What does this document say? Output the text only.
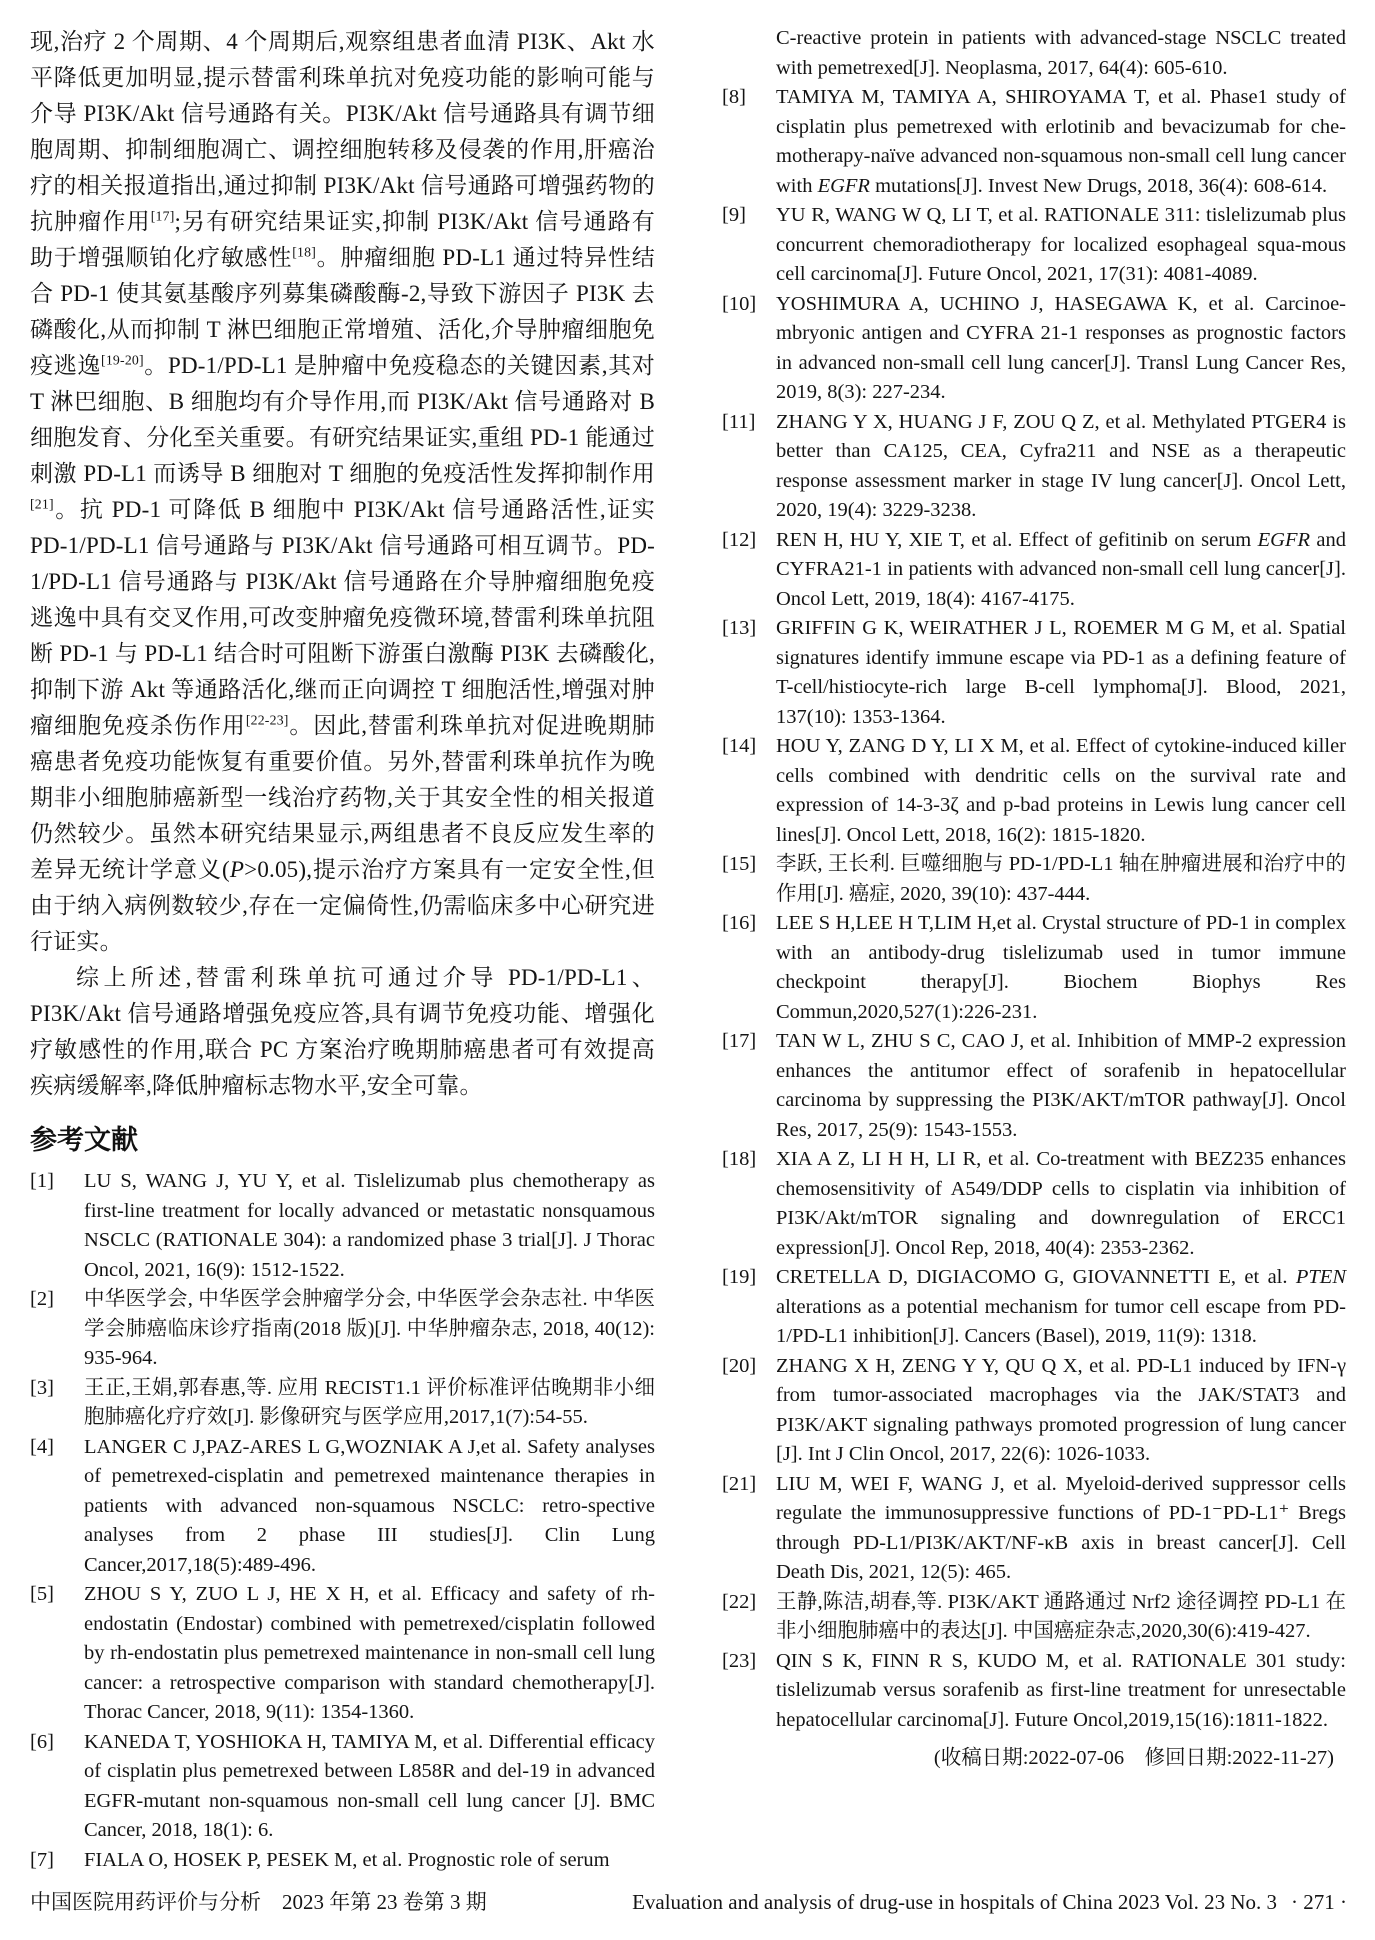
现,治疗 2 个周期、4 个周期后,观察组患者血清 PI3K、Akt 水平降低更加明显,提示替雷利珠单抗对免疫功能的影响可能与介导 PI3K/Akt 信号通路有关。PI3K/Akt 信号通路具有调节细胞周期、抑制细胞凋亡、调控细胞转移及侵袭的作用,肝癌治疗的相关报道指出,通过抑制 PI3K/Akt 信号通路可增强药物的抗肿瘤作用[17];另有研究结果证实,抑制 PI3K/Akt 信号通路有助于增强顺铂化疗敏感性[18]。肿瘤细胞 PD-L1 通过特异性结合 PD-1 使其氨基酸序列募集磷酸酶-2,导致下游因子 PI3K 去磷酸化,从而抑制 T 淋巴细胞正常增殖、活化,介导肿瘤细胞免疫逃逸[19-20]。PD-1/PD-L1 是肿瘤中免疫稳态的关键因素,其对 T 淋巴细胞、B 细胞均有介导作用,而 PI3K/Akt 信号通路对 B 细胞发育、分化至关重要。有研究结果证实,重组 PD-1 能通过刺激 PD-L1 而诱导 B 细胞对 T 细胞的免疫活性发挥抑制作用[21]。抗 PD-1 可降低 B 细胞中 PI3K/Akt 信号通路活性,证实 PD-1/PD-L1 信号通路与 PI3K/Akt 信号通路可相互调节。PD-1/PD-L1 信号通路与 PI3K/Akt 信号通路在介导肿瘤细胞免疫逃逸中具有交叉作用,可改变肿瘤免疫微环境,替雷利珠单抗阻断 PD-1 与 PD-L1 结合时可阻断下游蛋白激酶 PI3K 去磷酸化,抑制下游 Akt 等通路活化,继而正向调控 T 细胞活性,增强对肿瘤细胞免疫杀伤作用[22-23]。因此,替雷利珠单抗对促进晚期肺癌患者免疫功能恢复有重要价值。另外,替雷利珠单抗作为晚期非小细胞肺癌新型一线治疗药物,关于其安全性的相关报道仍然较少。虽然本研究结果显示,两组患者不良反应发生率的差异无统计学意义(P>0.05),提示治疗方案具有一定安全性,但由于纳入病例数较少,存在一定偏倚性,仍需临床多中心研究进行证实。

综上所述,替雷利珠单抗可通过介导 PD-1/PD-L1、PI3K/Akt 信号通路增强免疫应答,具有调节免疫功能、增强化疗敏感性的作用,联合 PC 方案治疗晚期肺癌患者可有效提高疾病缓解率,降低肿瘤标志物水平,安全可靠。

参考文献
[1]	LU S, WANG J, YU Y, et al. Tislelizumab plus chemotherapy as first-line treatment for locally advanced or metastatic nonsquamous NSCLC (RATIONALE 304): a randomized phase 3 trial[J]. J Thorac Oncol, 2021, 16(9): 1512-1522.
[2]	中华医学会, 中华医学会肿瘤学分会, 中华医学会杂志社. 中华医学会肺癌临床诊疗指南(2018 版)[J]. 中华肿瘤杂志, 2018, 40(12): 935-964.
[3]	王正,王娟,郭春惠,等. 应用 RECIST1.1 评价标准评估晚期非小细胞肺癌化疗疗效[J]. 影像研究与医学应用,2017,1(7):54-55.
[4]	LANGER C J,PAZ-ARES L G,WOZNIAK A J,et al. Safety analyses of pemetrexed-cisplatin and pemetrexed maintenance therapies in patients with advanced non-squamous NSCLC: retro-spective analyses from 2 phase III studies[J]. Clin Lung Cancer,2017,18(5):489-496.
[5]	ZHOU S Y, ZUO L J, HE X H, et al. Efficacy and safety of rh-endostatin (Endostar) combined with pemetrexed/cisplatin followed by rh-endostatin plus pemetrexed maintenance in non-small cell lung cancer: a retrospective comparison with standard chemotherapy[J]. Thorac Cancer, 2018, 9(11): 1354-1360.
[6]	KANEDA T, YOSHIOKA H, TAMIYA M, et al. Differential efficacy of cisplatin plus pemetrexed between L858R and del-19 in advanced EGFR-mutant non-squamous non-small cell lung cancer [J]. BMC Cancer, 2018, 18(1): 6.
[7]	FIALA O, HOSEK P, PESEK M, et al. Prognostic role of serum
C-reactive protein in patients with advanced-stage NSCLC treated with pemetrexed[J]. Neoplasma, 2017, 64(4): 605-610.
[8]	TAMIYA M, TAMIYA A, SHIROYAMA T, et al. Phase1 study of cisplatin plus pemetrexed with erlotinib and bevacizumab for che-motherapy-naïve advanced non-squamous non-small cell lung cancer with EGFR mutations[J]. Invest New Drugs, 2018, 36(4): 608-614.
[9]	YU R, WANG W Q, LI T, et al. RATIONALE 311: tislelizumab plus concurrent chemoradiotherapy for localized esophageal squa-mous cell carcinoma[J]. Future Oncol, 2021, 17(31): 4081-4089.
[10] YOSHIMURA A, UCHINO J, HASEGAWA K, et al. Carcinoe-mbryonic antigen and CYFRA 21-1 responses as prognostic factors in advanced non-small cell lung cancer[J]. Transl Lung Cancer Res, 2019, 8(3): 227-234.
[11]	ZHANG Y X, HUANG J F, ZOU Q Z, et al. Methylated PTGER4 is better than CA125, CEA, Cyfra211 and NSE as a therapeutic response assessment marker in stage IV lung cancer[J]. Oncol Lett, 2020, 19(4): 3229-3238.
[12] REN H, HU Y, XIE T, et al. Effect of gefitinib on serum EGFR and CYFRA21-1 in patients with advanced non-small cell lung cancer[J]. Oncol Lett, 2019, 18(4): 4167-4175.
[13] GRIFFIN G K, WEIRATHER J L, ROEMER M G M, et al. Spatial signatures identify immune escape via PD-1 as a defining feature of T-cell/histiocyte-rich large B-cell lymphoma[J]. Blood, 2021, 137(10): 1353-1364.
[14] HOU Y, ZANG D Y, LI X M, et al. Effect of cytokine-induced killer cells combined with dendritic cells on the survival rate and expression of 14-3-3ζ and p-bad proteins in Lewis lung cancer cell lines[J]. Oncol Lett, 2018, 16(2): 1815-1820.
[15] 李跃, 王长利. 巨噬细胞与 PD-1/PD-L1 轴在肿瘤进展和治疗中的作用[J]. 癌症, 2020, 39(10): 437-444.
[16] LEE S H,LEE H T,LIM H,et al. Crystal structure of PD-1 in complex with an antibody-drug tislelizumab used in tumor immune checkpoint therapy[J]. Biochem Biophys Res Commun,2020,527(1):226-231.
[17] TAN W L, ZHU S C, CAO J, et al. Inhibition of MMP-2 expression enhances the antitumor effect of sorafenib in hepatocellular carcinoma by suppressing the PI3K/AKT/mTOR pathway[J]. Oncol Res, 2017, 25(9): 1543-1553.
[18] XIA A Z, LI H H, LI R, et al. Co-treatment with BEZ235 enhances chemosensitivity of A549/DDP cells to cisplatin via inhibition of PI3K/Akt/mTOR signaling and downregulation of ERCC1 expression[J]. Oncol Rep, 2018, 40(4): 2353-2362.
[19] CRETELLA D, DIGIACOMO G, GIOVANNETTI E, et al. PTEN alterations as a potential mechanism for tumor cell escape from PD-1/PD-L1 inhibition[J]. Cancers (Basel), 2019, 11(9): 1318.
[20] ZHANG X H, ZENG Y Y, QU Q X, et al. PD-L1 induced by IFN-γ from tumor-associated macrophages via the JAK/STAT3 and PI3K/AKT signaling pathways promoted progression of lung cancer [J]. Int J Clin Oncol, 2017, 22(6): 1026-1033.
[21] LIU M, WEI F, WANG J, et al. Myeloid-derived suppressor cells regulate the immunosuppressive functions of PD-1⁻PD-L1⁺ Bregs through PD-L1/PI3K/AKT/NF-κB axis in breast cancer[J]. Cell Death Dis, 2021, 12(5): 465.
[22] 王静,陈洁,胡春,等. PI3K/AKT 通路通过 Nrf2 途径调控 PD-L1 在非小细胞肺癌中的表达[J]. 中国癌症杂志,2020,30(6):419-427.
[23] QIN S K, FINN R S, KUDO M, et al. RATIONALE 301 study: tislelizumab versus sorafenib as first-line treatment for unresectable hepatocellular carcinoma[J]. Future Oncol,2019,15(16):1811-1822.
(收稿日期:2022-07-06　修回日期:2022-11-27)
中国医院用药评价与分析　2023 年第 23 卷第 3 期	Evaluation and analysis of drug-use in hospitals of China 2023 Vol. 23 No. 3 · 271 ·
